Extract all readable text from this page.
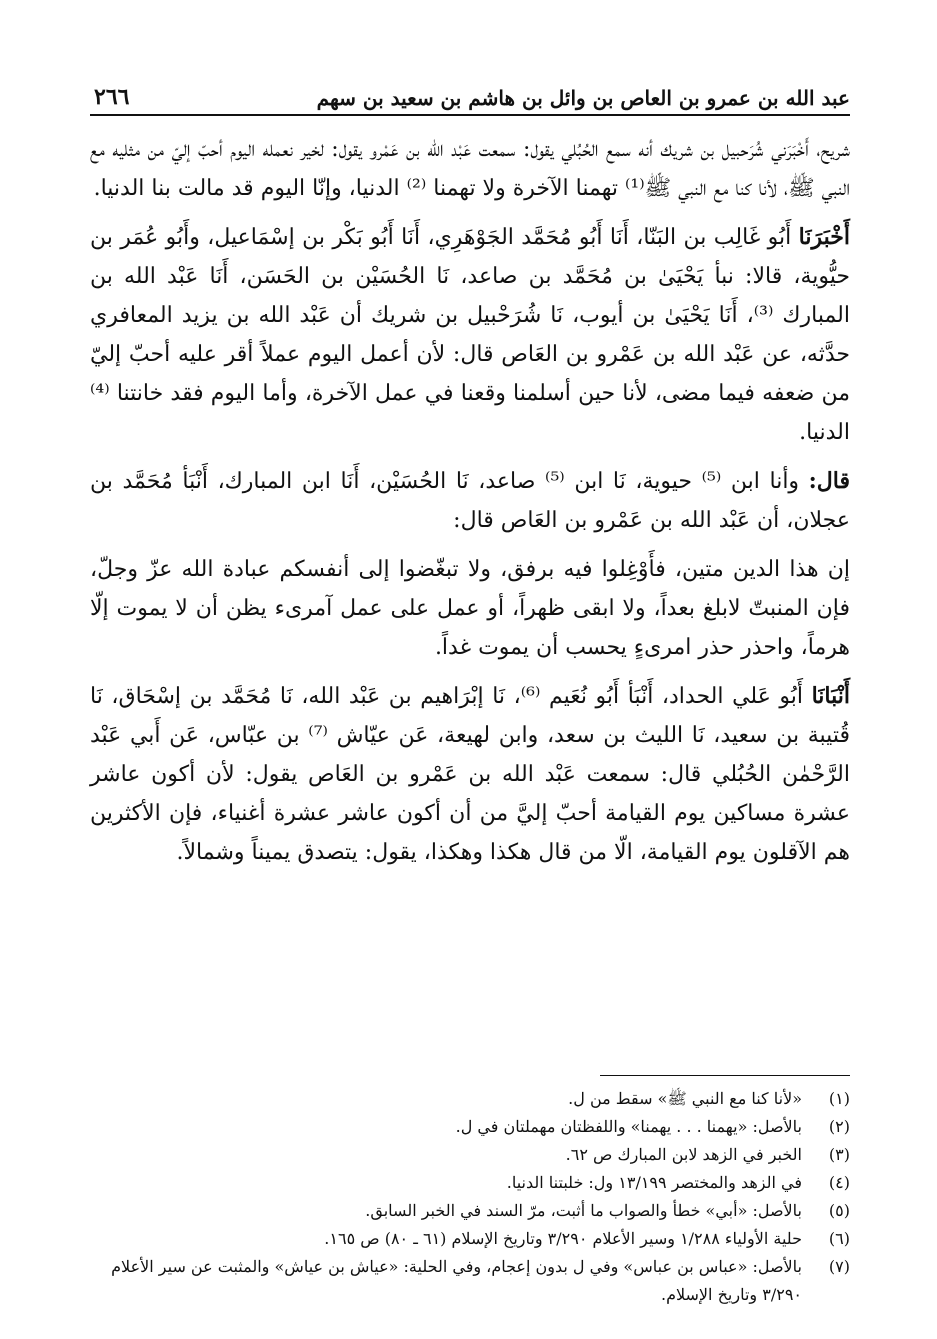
٢٦٦	عبد الله بن عمرو بن العاص بن وائل بن هاشم بن سعيد بن سهم

شريح، أَخْبَرَني شُرَحبيل بن شريك أنه سمع الحُبُلي يقول: سمعت عَبْد الله بن عَمْرو يقول: لخير نعمله اليوم أحبّ إليّ من مثليه مع النبي ﷺ، لأنا كنا مع النبي ﷺ⁽¹⁾ تهمنا الآخرة ولا تهمنا ⁽²⁾ الدنيا، وإنّا اليوم قد مالت بنا الدنيا.

أَخْبَرَنَا أَبُو غَالِب بن البَنّا، أَنَا أَبُو مُحَمَّد الجَوْهَرِي، أَنَا أَبُو بَكْر بن إسْمَاعيل، وأَبُو عُمَر بن حيُّوية، قالا: نبأ يَحْيَىٰ بن مُحَمَّد بن صاعد، نَا الحُسَيْن بن الحَسَن، أَنَا عَبْد الله بن المبارك ⁽³⁾، أَنَا يَحْيَىٰ بن أيوب، نَا شُرَحْبيل بن شريك أن عَبْد الله بن يزيد المعافري حدَّثه، عن عَبْد الله بن عَمْرو بن العَاص قال: لأن أعمل اليوم عملاً أقر عليه أحبّ إليّ من ضعفه فيما مضى، لأنا حين أسلمنا وقعنا في عمل الآخرة، وأما اليوم فقد خانتنا ⁽⁴⁾ الدنيا.

قال: وأنا ابن ⁽⁵⁾ حيوية، نَا ابن ⁽⁵⁾ صاعد، نَا الحُسَيْن، أَنَا ابن المبارك، أَنْبَأ مُحَمَّد بن عجلان، أن عَبْد الله بن عَمْرو بن العَاص قال:

إن هذا الدين متين، فأَوْغِلوا فيه برفق، ولا تبغّضوا إلى أنفسكم عبادة الله عزّ وجلّ، فإن المنبتّ لابلغ بعداً، ولا ابقى ظهراً، أو عمل على عمل آمرىء يظن أن لا يموت إلّا هرماً، واحذر حذر امرىءٍ يحسب أن يموت غداً.

أَنْبَانَا أَبُو عَلي الحداد، أَنْبَأ أَبُو نُعَيم ⁽⁶⁾، نَا إبْرَاهيم بن عَبْد الله، نَا مُحَمَّد بن إسْحَاق، نَا قُتيبة بن سعيد، نَا الليث بن سعد، وابن لهيعة، عَن عيّاش ⁽⁷⁾ بن عبّاس، عَن أَبي عَبْد الرَّحْمٰن الحُبُلي قال: سمعت عَبْد الله بن عَمْرو بن العَاص يقول: لأن أكون عاشر عشرة مساكين يوم القيامة أحبّ إليَّ من أن أكون عاشر عشرة أغنياء، فإن الأكثرين هم الآقلون يوم القيامة، الّا من قال هكذا وهكذا، يقول: يتصدق يميناً وشمالاً.

(١)
«لأنا كنا مع النبي ﷺ» سقط من ل.
(٢)
بالأصل: «يهمنا . . . يهمنا» واللفظتان مهملتان في ل.
(٣)
الخبر في الزهد لابن المبارك ص ٦٢.
(٤)
في الزهد والمختصر ١٣/١٩٩ ول: خلبتنا الدنيا.
(٥)
بالأصل: «أبي» خطأ والصواب ما أثبت، مرّ السند في الخبر السابق.
(٦)
حلية الأولياء ١/٢٨٨ وسير الأعلام ٣/٢٩٠ وتاريخ الإسلام (٦١ ـ ٨٠) ص ١٦٥.
(٧)
بالأصل: «عباس بن عباس» وفي ل بدون إعجام، وفي الحلية: «عياش بن عياش» والمثبت عن سير الأعلام ٣/٢٩٠ وتاريخ الإسلام.
